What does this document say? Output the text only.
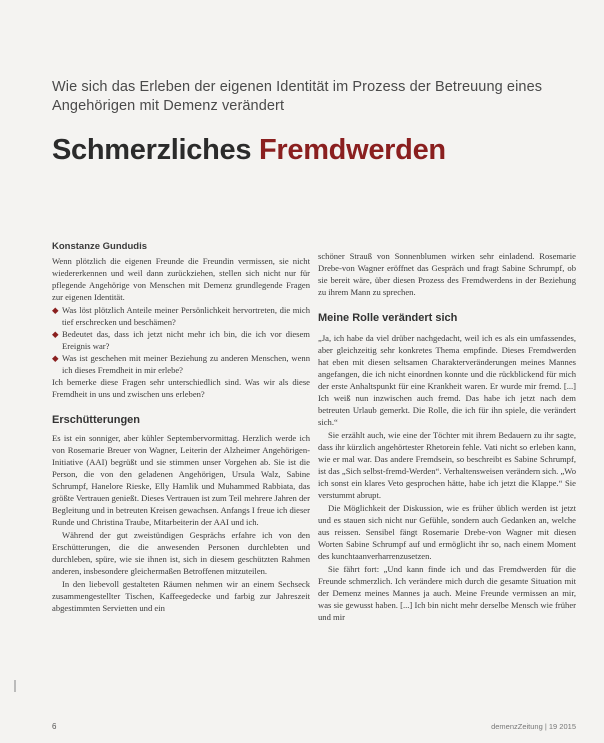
Wie sich das Erleben der eigenen Identität im Prozess der Betreuung eines Angehörigen mit Demenz verändert
Schmerzliches Fremdwerden
Konstanze Gundudis

Wenn plötzlich die eigenen Freunde die Freundin vermissen, sie nicht wiedererkennen und weil dann zurückziehen, stellen sich nicht nur für pflegende Angehörige von Menschen mit Demenz grundlegende Fragen zur eigenen Identität.

◆ Was löst plötzlich Anteile meiner Persönlichkeit hervortreten, die mich tief erschrecken und beschämen?
◆ Bedeutet das, dass ich jetzt nicht mehr ich bin, die ich vor diesem Ereignis war?
◆ Was ist geschehen mit meiner Beziehung zu anderen Menschen, wenn ich dieses Fremdheit in mir erlebe?

Ich bemerke diese Fragen sehr unterschiedlich sind. Was wir als diese Fremdheit in uns und zwischen uns erleben?

Erschütterungen

Es ist ein sonniger, aber kühler Septembervormittag. Herzlich werde ich von Rosemarie Breuer von Wagner, Leiterin der Alzheimer Angehörigen-Initiative (AAI) begrüßt und sie stimmen unser Vorgehen ab. Sie ist die Person, die von den geladenen Angehörigen, Ursula Walz, Sabine Schrumpf, Hanelore Rieske, Elly Hamlik und Muhammed Rabbiata, das größte Vertrauen genießt. Dieses Vertrauen ist zum Teil mehrere Jahren der Begleitung und in betreuten Kreisen gewachsen. Anfangs I freue ich dieser Runde und Christina Traube, Mitarbeiterin der AAI und ich.

Während der gut zweistündigen Gesprächs erfahre ich von den Erschütterungen, die die anwesenden Personen durchlebten und durchleben, spüre, wie sie ihnen ist, sich in diesem geschützten Rahmen anderen, insbesondere gleichermaßen Betroffenen mitzuteilen.

In den liebevoll gestalteten Räumen nehmen wir an einem Sechseck zusammengestellter Tischen, Kaffeegedecke und farbig zur Jahreszeit abgestimmten Servietten und ein

schöner Strauß von Sonnenblumen wirken sehr einladend. Rosemarie Drebe-von Wagner eröffnet das Gespräch und fragt Sabine Schrumpf, ob sie bereit wäre, über diesen Prozess des Fremdwerdens in der Beziehung zu ihrem Mann zu sprechen.

Meine Rolle verändert sich

„Ja, ich habe da viel drüber nachgedacht, weil ich es als ein umfassendes, aber gleichzeitig sehr konkretes Thema empfinde. Dieses Fremdwerden hat eben mit diesen seltsamen Charakterveränderungen meines Mannes angefangen, die ich nicht einordnen konnte und die rückblickend für mich der erste Anhaltspunkt für eine Krankheit waren. Er wurde mir fremd. [...] Ich weiß nun inzwischen auch fremd. Das habe ich jetzt nach dem betreuten Urlaub gemerkt. Die Rolle, die ich für ihn spiele, die verändert sich.“

Sie erzählt auch, wie eine der Töchter mit ihrem Bedauern zu ihr sagte, dass ihr kürzlich angehörtester Rhetorein fehle. Vati nicht so erleben kann, wie er mal war. Das andere Fremdsein, so beschreibt es Sabine Schrumpf, ist das „Sich selbst-fremd-Werden“. Verhaltensweisen verändern sich. „Wo ich sonst ein klares Veto gesprochen hätte, habe ich jetzt die Klappe.“ Sie verstummt abrupt.

Die Möglichkeit der Diskussion, wie es früher üblich werden ist jetzt und es stauen sich nicht nur Gefühle, sondern auch Gedanken an, welche aus reissen. Sensibel fängt Rosemarie Drebe-von Wagner mit diesen Worten Sabine Schrumpf auf und ermöglicht ihr so, nach einem Moment des kunchtaanverharrenzusetzen.

Sie fährt fort: „Und kann finde ich und das Fremdwerden für die Freunde schmerzlich. Ich verändere mich durch die gesamte Situation mit der Demenz meines Mannes ja auch. Meine Freunde vermissen an mir, was sie gewusst haben. [...] Ich bin nicht mehr derselbe Mensch wie früher und mir

6	demenzZeitung | 19 2015
